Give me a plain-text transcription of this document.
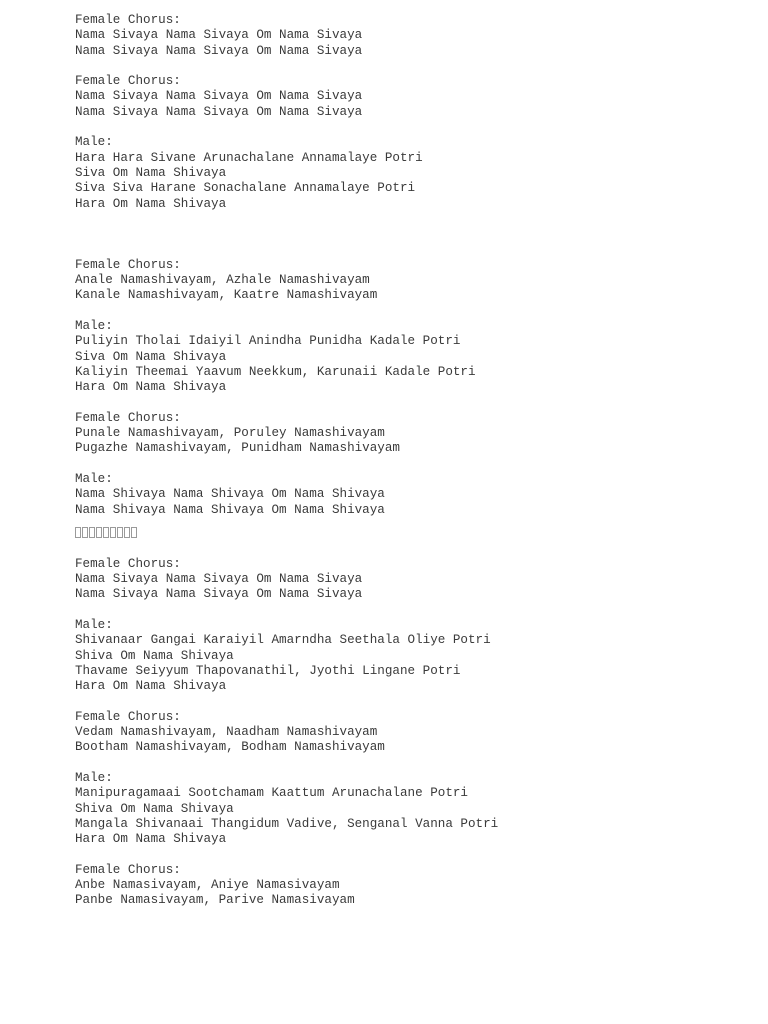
Female Chorus:
Nama Sivaya Nama Sivaya Om Nama Sivaya
Nama Sivaya Nama Sivaya Om Nama Sivaya
Female Chorus:
Nama Sivaya Nama Sivaya Om Nama Sivaya
Nama Sivaya Nama Sivaya Om Nama Sivaya
Male:
Hara Hara Sivane Arunachalane Annamalaye Potri
Siva Om Nama Shivaya
Siva Siva Harane Sonachalane Annamalaye Potri
Hara Om Nama Shivaya
Female Chorus:
Anale Namashivayam, Azhale Namashivayam
Kanale Namashivayam, Kaatre Namashivayam
Male:
Puliyin Tholai Idaiyil Anindha Punidha Kadale Potri
Siva Om Nama Shivaya
Kaliyin Theemai Yaavum Neekkum, Karunaii Kadale Potri
Hara Om Nama Shivaya
Female Chorus:
Punale Namashivayam, Poruley Namashivayam
Pugazhe Namashivayam, Punidham Namashivayam
Male:
Nama Shivaya Nama Shivaya Om Nama Shivaya
Nama Shivaya Nama Shivaya Om Nama Shivaya
Female Chorus:
Nama Sivaya Nama Sivaya Om Nama Sivaya
Nama Sivaya Nama Sivaya Om Nama Sivaya
Male:
Shivanaar Gangai Karaiyil Amarndha Seethala Oliye Potri
Shiva Om Nama Shivaya
Thavame Seiyyum Thapovanathil, Jyothi Lingane Potri
Hara Om Nama Shivaya
Female Chorus:
Vedam Namashivayam, Naadham Namashivayam
Bootham Namashivayam, Bodham Namashivayam
Male:
Manipuragamaai Sootchamam Kaattum Arunachalane Potri
Shiva Om Nama Shivaya
Mangala Shivanaai Thangidum Vadive, Senganal Vanna Potri
Hara Om Nama Shivaya
Female Chorus:
Anbe Namasivayam, Aniye Namasivayam
Panbe Namasivayam, Parive Namasivayam
